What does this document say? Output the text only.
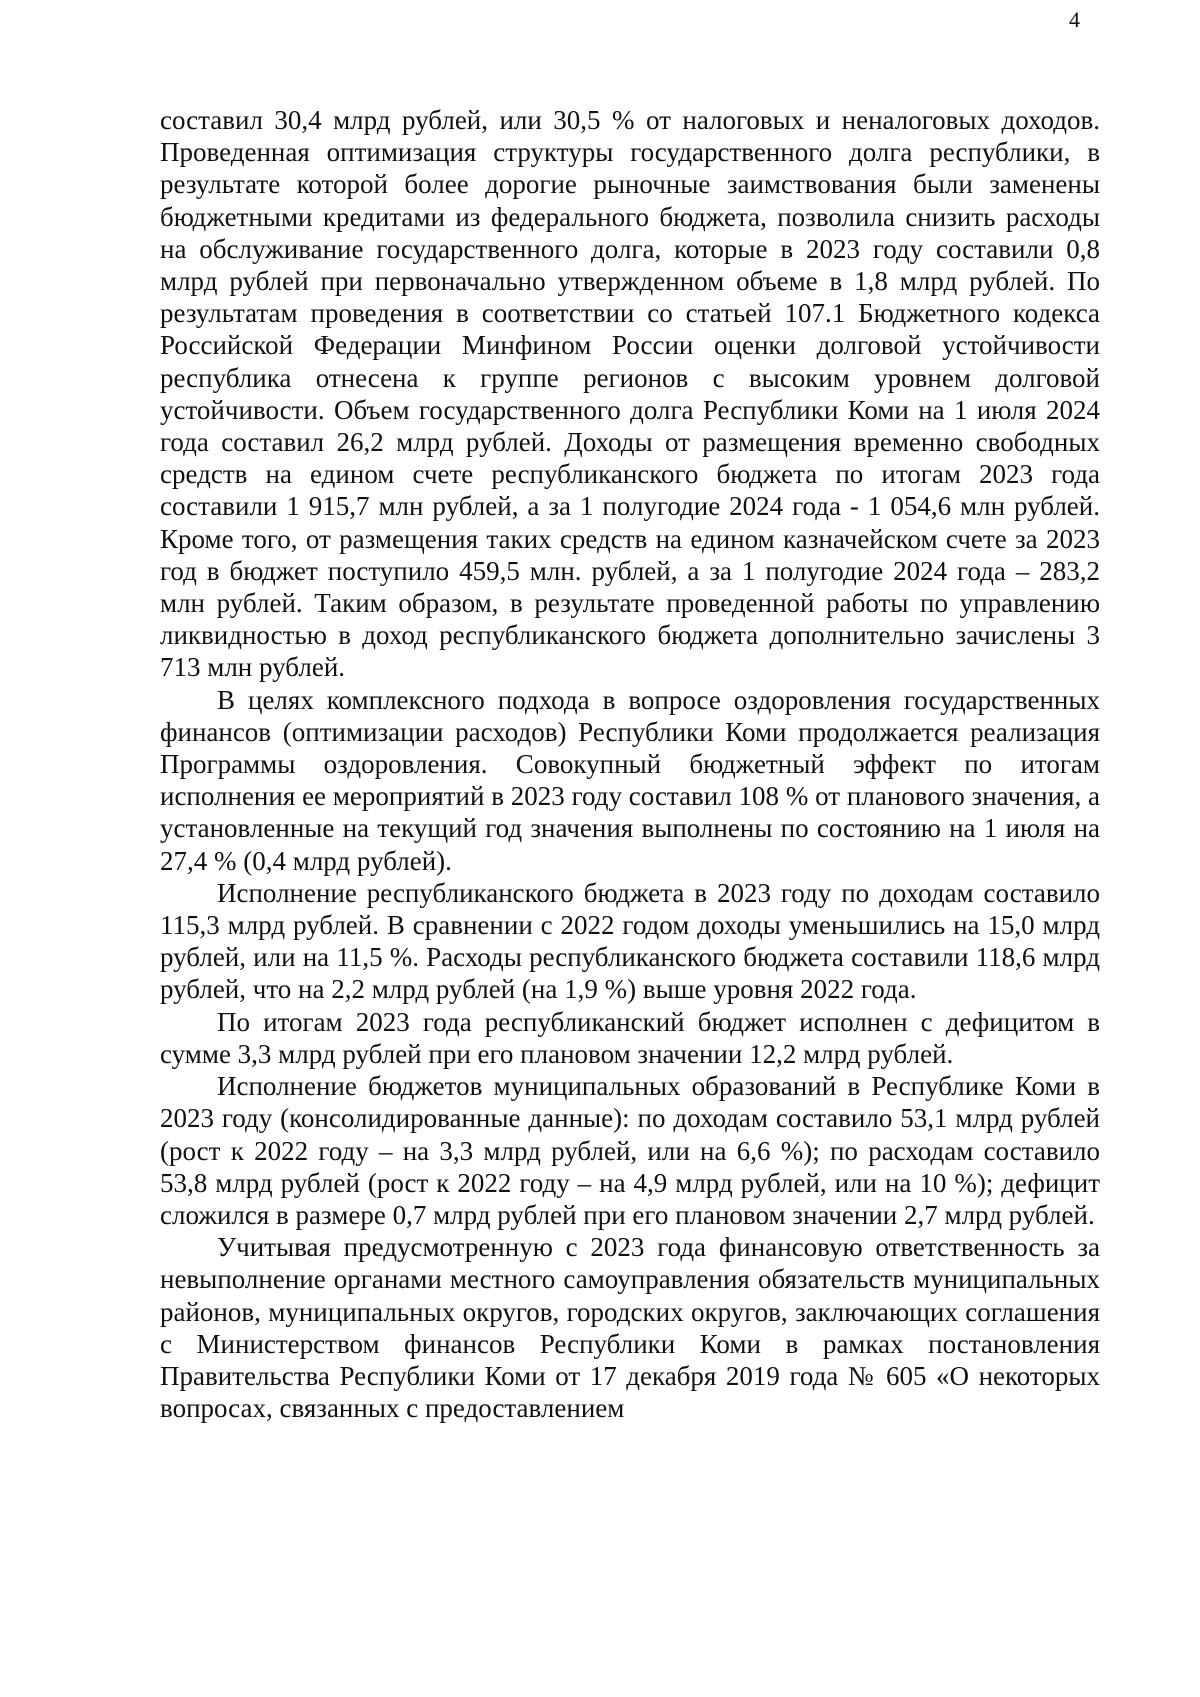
4

составил 30,4 млрд рублей, или 30,5 % от налоговых и неналоговых доходов. Проведенная оптимизация структуры государственного долга республики, в результате которой более дорогие рыночные заимствования были заменены бюджетными кредитами из федерального бюджета, позволила снизить расходы на обслуживание государственного долга, которые в 2023 году составили 0,8 млрд рублей при первоначально утвержденном объеме в 1,8 млрд рублей. По результатам проведения в соответствии со статьей 107.1 Бюджетного кодекса Российской Федерации Минфином России оценки долговой устойчивости республика отнесена к группе регионов с высоким уровнем долговой устойчивости. Объем государственного долга Республики Коми на 1 июля 2024 года составил 26,2 млрд рублей. Доходы от размещения временно свободных средств на едином счете республиканского бюджета по итогам 2023 года составили 1 915,7 млн рублей, а за 1 полугодие 2024 года - 1 054,6 млн рублей. Кроме того, от размещения таких средств на едином казначейском счете за 2023 год в бюджет поступило 459,5 млн. рублей, а за 1 полугодие 2024 года – 283,2 млн рублей. Таким образом, в результате проведенной работы по управлению ликвидностью в доход республиканского бюджета дополнительно зачислены 3 713 млн рублей.

В целях комплексного подхода в вопросе оздоровления государственных финансов (оптимизации расходов) Республики Коми продолжается реализация Программы оздоровления. Совокупный бюджетный эффект по итогам исполнения ее мероприятий в 2023 году составил 108 % от планового значения, а установленные на текущий год значения выполнены по состоянию на 1 июля на 27,4 % (0,4 млрд рублей).

Исполнение республиканского бюджета в 2023 году по доходам составило 115,3 млрд рублей. В сравнении с 2022 годом доходы уменьшились на 15,0 млрд рублей, или на 11,5 %. Расходы республиканского бюджета составили 118,6 млрд рублей, что на 2,2 млрд рублей (на 1,9 %) выше уровня 2022 года.

По итогам 2023 года республиканский бюджет исполнен с дефицитом в сумме 3,3 млрд рублей при его плановом значении 12,2 млрд рублей.

Исполнение бюджетов муниципальных образований в Республике Коми в 2023 году (консолидированные данные): по доходам составило 53,1 млрд рублей (рост к 2022 году – на 3,3 млрд рублей, или на 6,6 %); по расходам составило 53,8 млрд рублей (рост к 2022 году – на 4,9 млрд рублей, или на 10 %); дефицит сложился в размере 0,7 млрд рублей при его плановом значении 2,7 млрд рублей.

Учитывая предусмотренную с 2023 года финансовую ответственность за невыполнение органами местного самоуправления обязательств муниципальных районов, муниципальных округов, городских округов, заключающих соглашения с Министерством финансов Республики Коми в рамках постановления Правительства Республики Коми от 17 декабря 2019 года № 605 «О некоторых вопросах, связанных с предоставлением
